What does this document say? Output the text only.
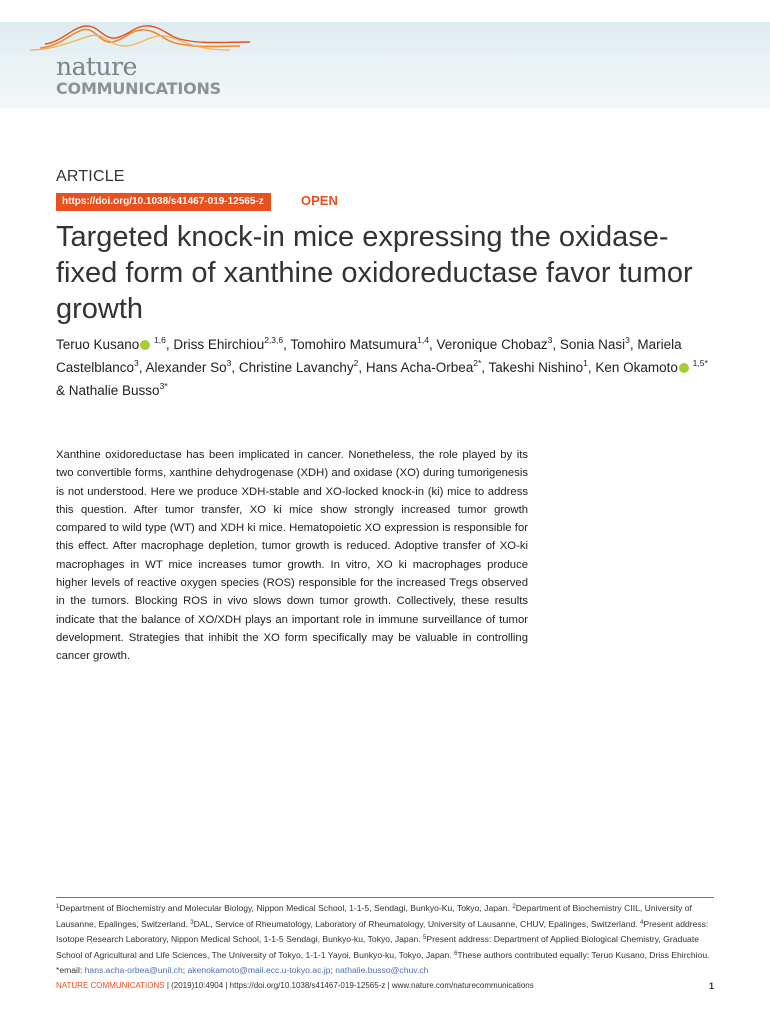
nature
COMMUNICATIONS
ARTICLE
https://doi.org/10.1038/s41467-019-12565-z	OPEN
Targeted knock-in mice expressing the oxidase-fixed form of xanthine oxidoreductase favor tumor growth
Teruo Kusano $^{1,6}$, Driss Ehirchiou$^{2,3,6}$, Tomohiro Matsumura$^{1,4}$, Veronique Chobaz$^3$, Sonia Nasi$^3$, Mariela Castelblanco$^3$, Alexander So$^3$, Christine Lavanchy$^2$, Hans Acha-Orbea$^{2*}$, Takeshi Nishino$^1$, Ken Okamoto $^{1,5*}$ & Nathalie Busso$^{3*}$

Xanthine oxidoreductase has been implicated in cancer. Nonetheless, the role played by its two convertible forms, xanthine dehydrogenase (XDH) and oxidase (XO) during tumorigenesis is not understood. Here we produce XDH-stable and XO-locked knock-in (ki) mice to address this question. After tumor transfer, XO ki mice show strongly increased tumor growth compared to wild type (WT) and XDH ki mice. Hematopoietic XO expression is responsible for this effect. After macrophage depletion, tumor growth is reduced. Adoptive transfer of XO-ki macrophages in WT mice increases tumor growth. In vitro, XO ki macrophages produce higher levels of reactive oxygen species (ROS) responsible for the increased Tregs observed in the tumors. Blocking ROS in vivo slows down tumor growth. Collectively, these results indicate that the balance of XO/XDH plays an important role in immune surveillance of tumor development. Strategies that inhibit the XO form specifically may be valuable in controlling cancer growth.

$^1$Department of Biochemistry and Molecular Biology, Nippon Medical School, 1-1-5, Sendagi, Bunkyo-Ku, Tokyo, Japan. $^2$Department of Biochemistry CIIL, University of Lausanne, Epalinges, Switzerland. $^3$DAL, Service of Rheumatology, Laboratory of Rheumatology, University of Lausanne, CHUV, Epalinges, Switzerland. $^4$Present address: Isotope Research Laboratory, Nippon Medical School, 1-1-5 Sendagi, Bunkyo-ku, Tokyo, Japan. $^5$Present address: Department of Applied Biological Chemistry, Graduate School of Agricultural and Life Sciences, The University of Tokyo, 1-1-1 Yayoi, Bunkyo-ku, Tokyo, Japan. $^6$These authors contributed equally: Teruo Kusano, Driss Ehirchiou. *email: hans.acha-orbea@unil.ch; akenokamoto@mail.ecc.u-tokyo.ac.jp; nathalie.busso@chuv.ch

NATURE COMMUNICATIONS | (2019)10:4904 | https://doi.org/10.1038/s41467-019-12565-z | www.nature.com/naturecommunications	1
